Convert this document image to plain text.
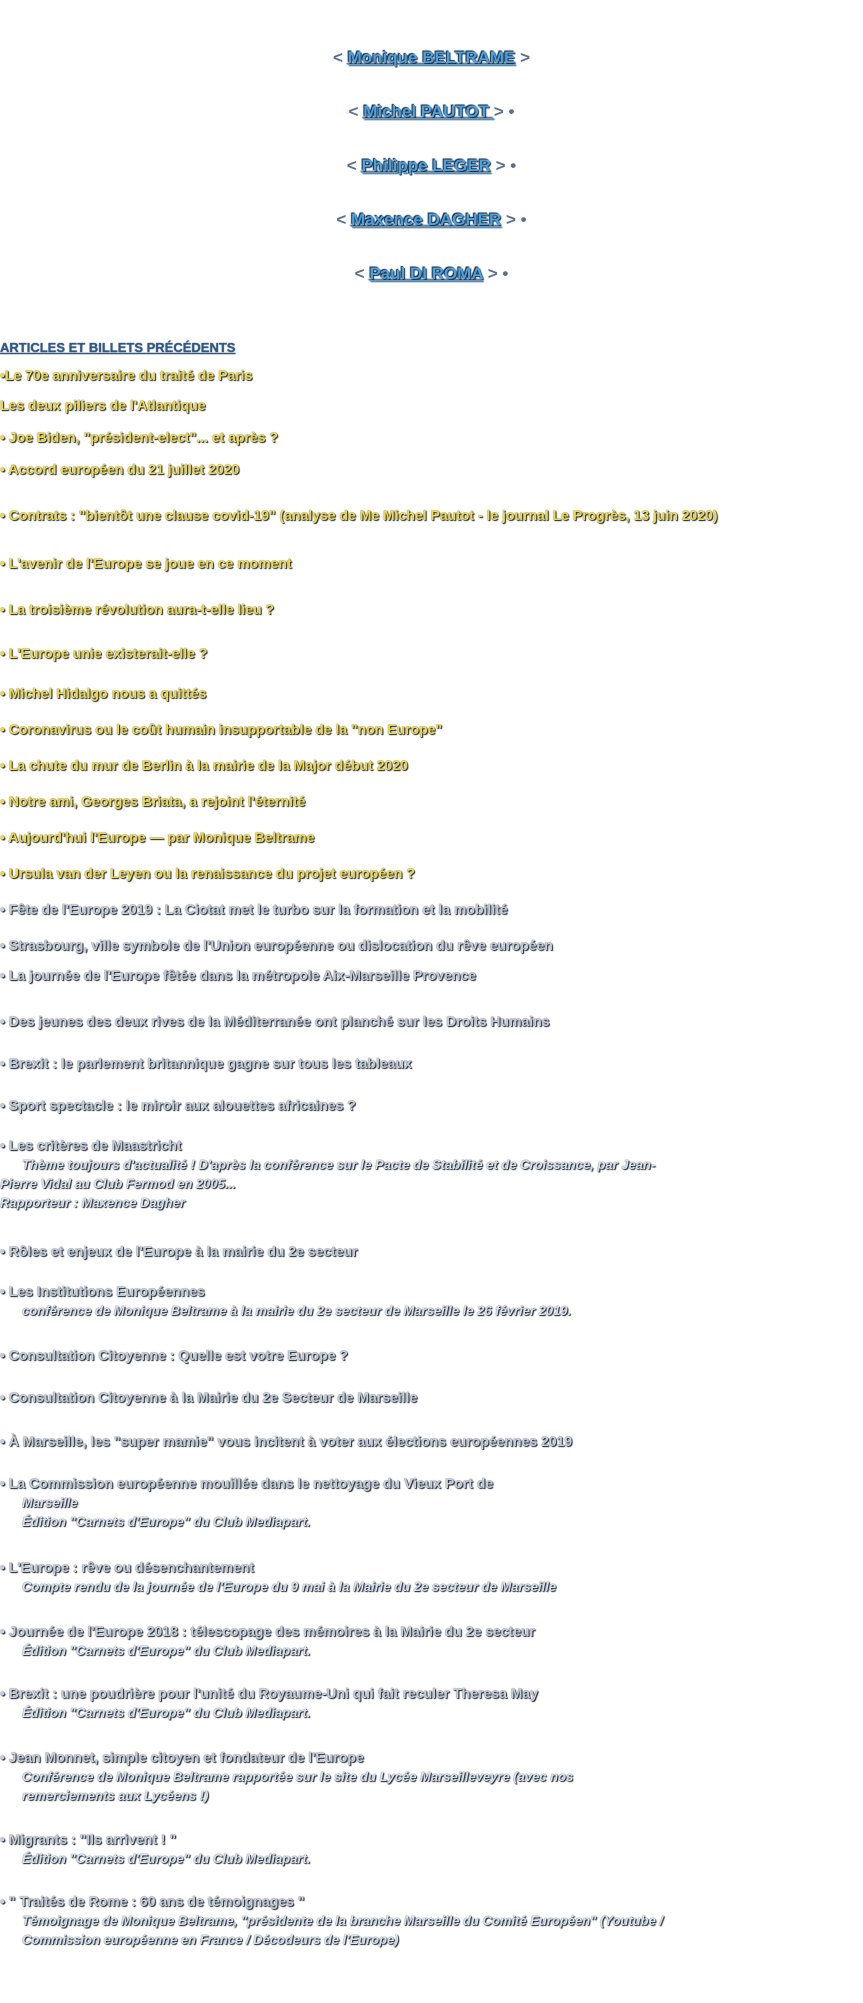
< Monique BELTRAME >
< Michel PAUTOT > •
< Philippe LEGER > •
< Maxence DAGHER > •
< Paul DI ROMA > •
ARTICLES ET BILLETS PRÉCÉDENTS
•Le 70e anniversaire du traité de Paris
Les deux piliers de l'Atlantique
• Joe Biden, "président-elect"... et après ?
• Accord européen du 21 juillet 2020
• Contrats : "bientôt une clause covid-19" (analyse de Me Michel Pautot - le journal Le Progrès, 13 juin 2020)
• L'avenir de l'Europe se joue en ce moment
• La troisième révolution aura-t-elle lieu ?
• L'Europe unie existerait-elle ?
• Michel Hidalgo nous a quittés
• Coronavirus ou le coût humain insupportable de la "non Europe"
• La chute du mur de Berlin à la mairie de la Major début 2020
• Notre ami, Georges Briata, a rejoint l'éternité
• Aujourd'hui l'Europe — par Monique Beltrame
• Ursula van der Leyen ou la renaissance du projet européen ?
• Fête de l'Europe 2019 : La Ciotat met le turbo sur la formation et la mobilité
• Strasbourg, ville symbole de l'Union européenne ou dislocation du rêve européen
• La journée de l'Europe fêtée dans la métropole Aix-Marseille Provence
• Des jeunes des deux rives de la Méditerranée ont planché sur les Droits Humains
• Brexit : le parlement britannique gagne sur tous les tableaux
• Sport spectacle : le miroir aux alouettes africaines ?
• Les critères de Maastricht
Thème toujours d'actualité ! D'après la conférence sur le Pacte de Stabilité et de Croissance, par Jean-
Pierre Vidal au Club Fermod en 2005...
Rapporteur : Maxence Dagher
• Rôles et enjeux de l'Europe à la mairie du 2e secteur
• Les Institutions Européennes
conférence de Monique Beltrame à la mairie du 2e secteur de Marseille le 26 février 2019.
• Consultation Citoyenne : Quelle est votre Europe ?
• Consultation Citoyenne à la Mairie du 2e Secteur de Marseille
• À Marseille, les "super mamie" vous incitent à voter aux élections européennes 2019
• La Commission européenne mouillée dans le nettoyage du Vieux Port de
Marseille
Édition "Carnets d'Europe" du Club Mediapart.
• L'Europe : rêve ou désenchantement
Compte rendu de la journée de l'Europe du 9 mai à la Mairie du 2e secteur de Marseille
• Journée de l'Europe 2018 : télescopage des mémoires à la Mairie du 2e secteur
Édition "Carnets d'Europe" du Club Mediapart.
• Brexit : une poudrière pour l'unité du Royaume-Uni qui fait reculer Theresa May
Édition "Carnets d'Europe" du Club Mediapart.
• Jean Monnet, simple citoyen et fondateur de l'Europe
Conférence de Monique Beltrame rapportée sur le site du Lycée Marseilleveyre (avec nos
remerciements aux Lycéens !)
• Migrants : "Ils arrivent ! "
Édition "Carnets d'Europe" du Club Mediapart.
• " Traités de Rome : 60 ans de témoignages "
Témoignage de Monique Beltrame, "présidente de la branche Marseille du Comité Européen" (Youtube /
Commission européenne en France / Décodeurs de l'Europe)
